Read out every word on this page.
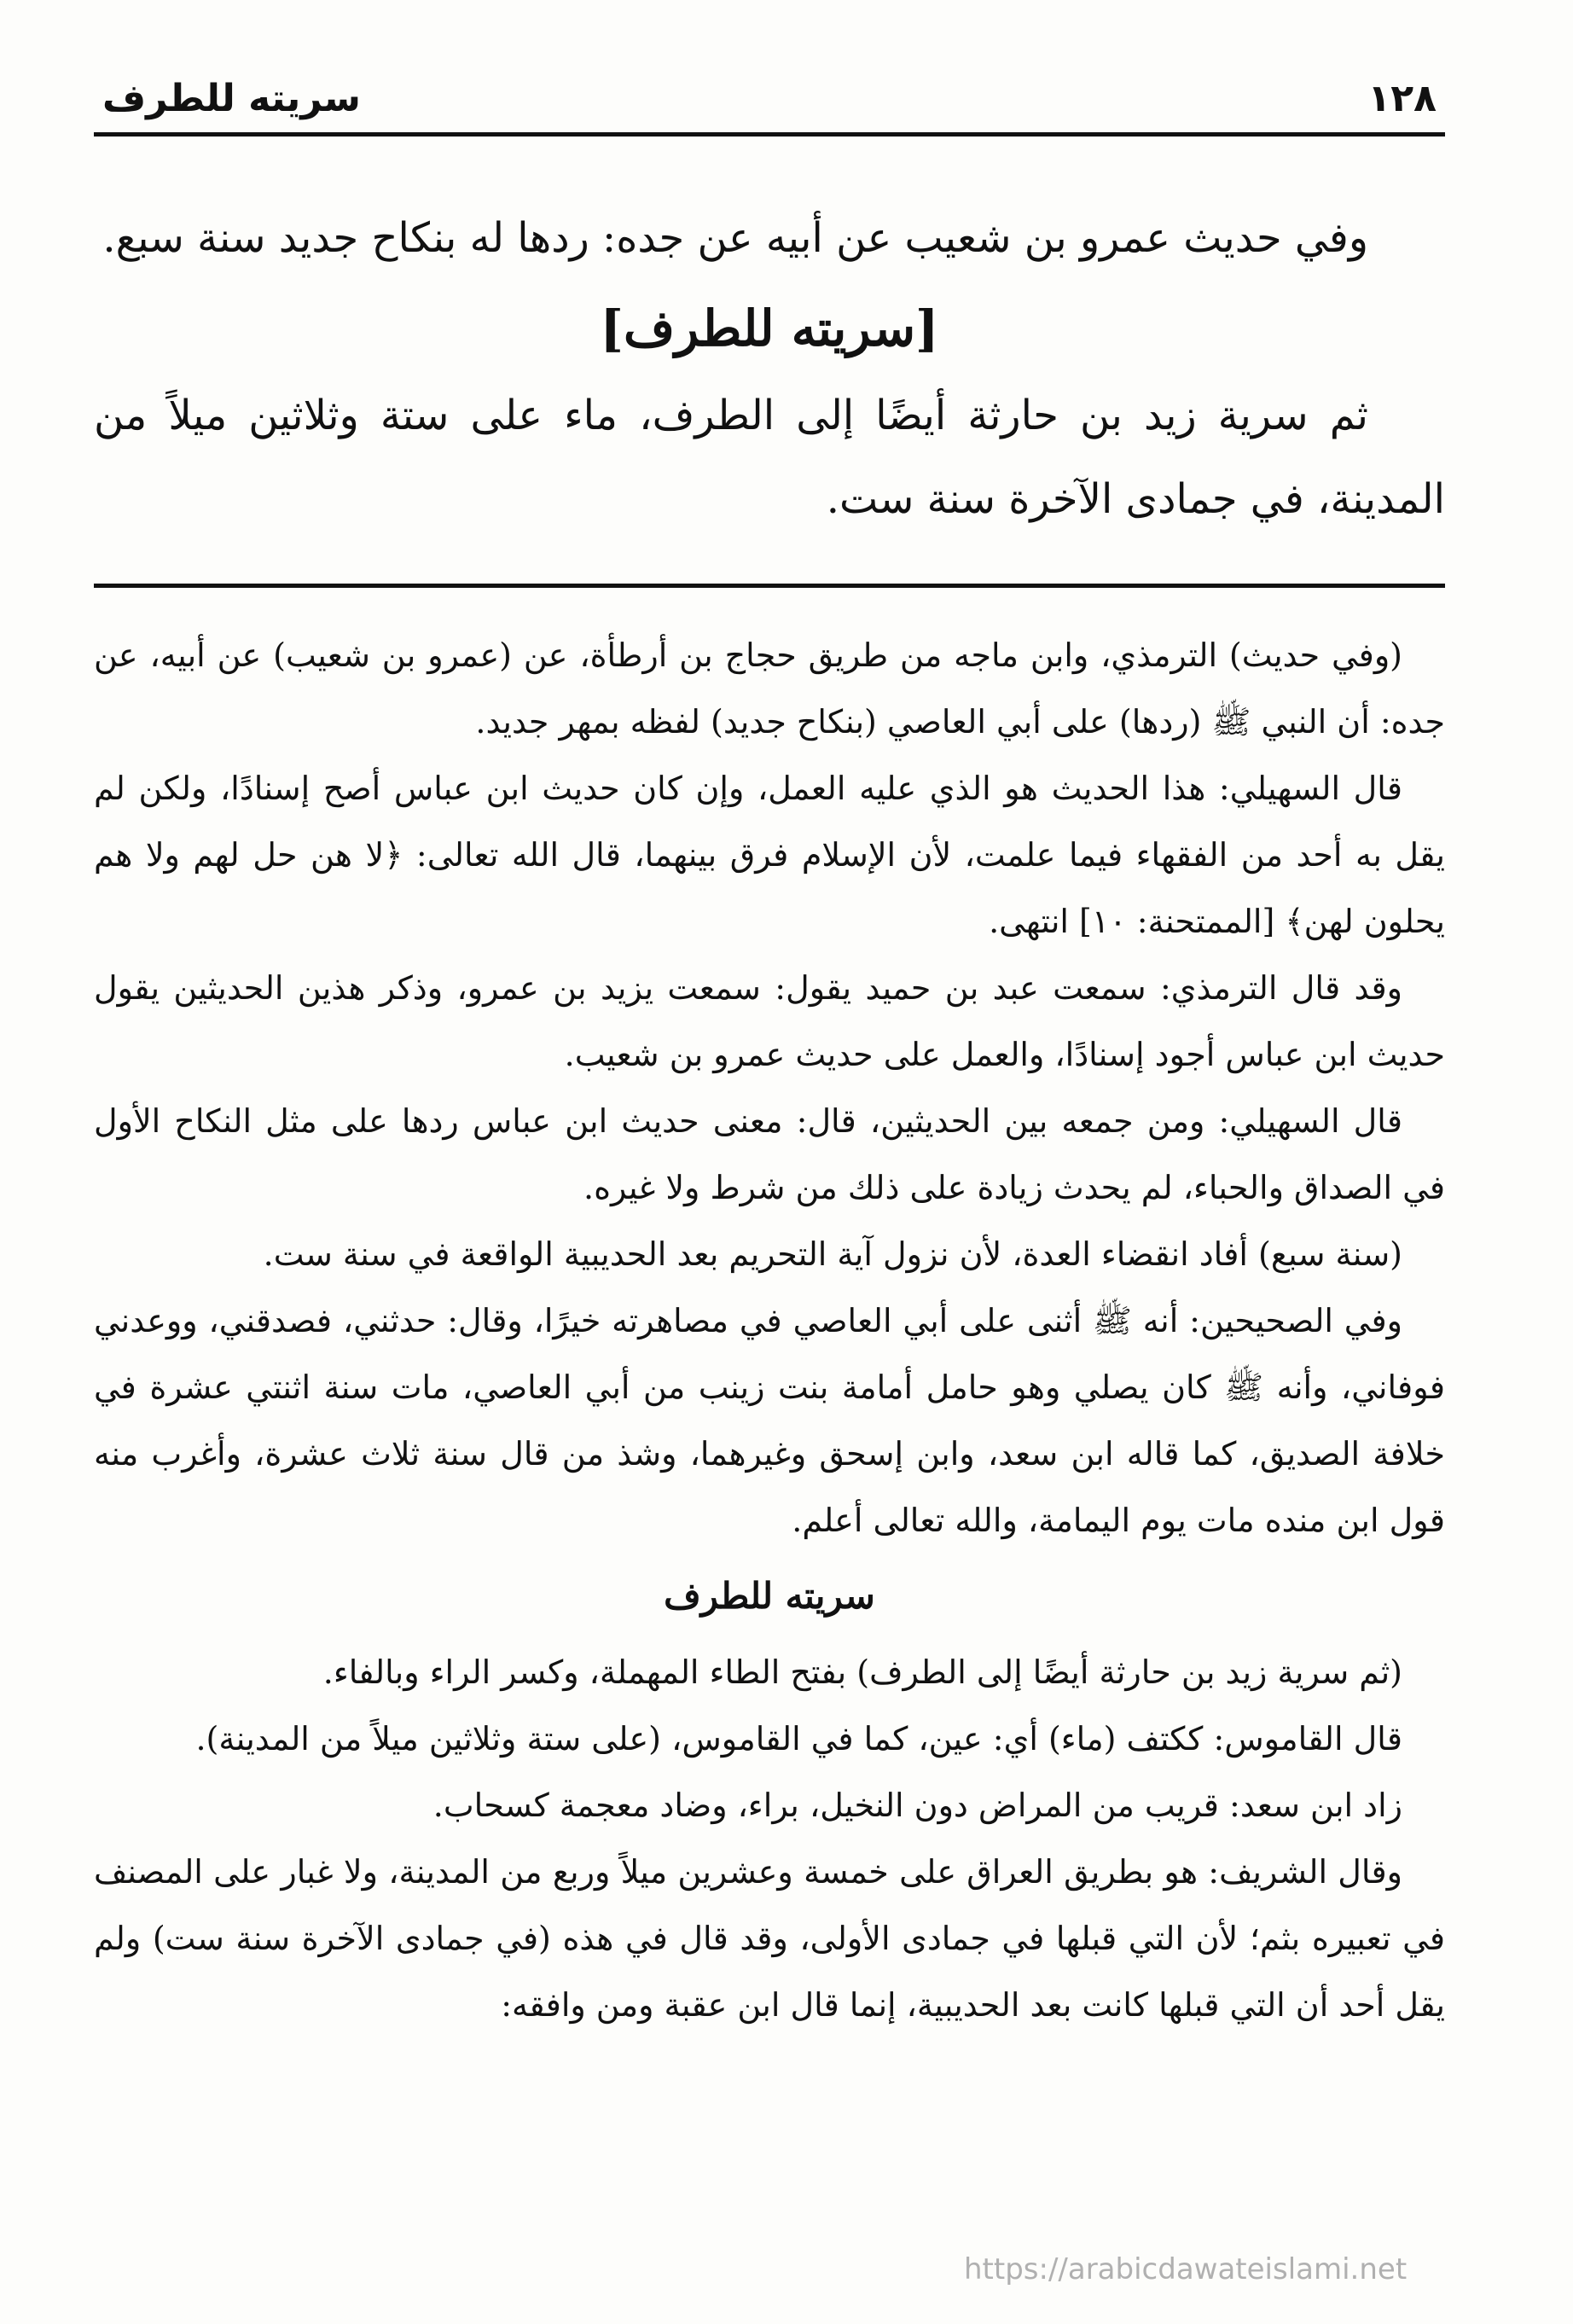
١٢٨
سريته للطرف

وفي حديث عمرو بن شعيب عن أبيه عن جده: ردها له بنكاح جديد سنة سبع.

[سريته للطرف]

ثم سرية زيد بن حارثة أيضًا إلى الطرف، ماء على ستة وثلاثين ميلاً من المدينة، في جمادى الآخرة سنة ست.

(وفي حديث) الترمذي، وابن ماجه من طريق حجاج بن أرطأة، عن (عمرو بن شعيب) عن أبيه، عن جده: أن النبي ﷺ (ردها) على أبي العاصي (بنكاح جديد) لفظه بمهر جديد.

قال السهيلي: هذا الحديث هو الذي عليه العمل، وإن كان حديث ابن عباس أصح إسنادًا، ولكن لم يقل به أحد من الفقهاء فيما علمت، لأن الإسلام فرق بينهما، قال الله تعالى: ﴿لا هن حل لهم ولا هم يحلون لهن﴾ [الممتحنة: ١٠] انتهى.

وقد قال الترمذي: سمعت عبد بن حميد يقول: سمعت يزيد بن عمرو، وذكر هذين الحديثين يقول حديث ابن عباس أجود إسنادًا، والعمل على حديث عمرو بن شعيب.

قال السهيلي: ومن جمعه بين الحديثين، قال: معنى حديث ابن عباس ردها على مثل النكاح الأول في الصداق والحباء، لم يحدث زيادة على ذلك من شرط ولا غيره.

(سنة سبع) أفاد انقضاء العدة، لأن نزول آية التحريم بعد الحديبية الواقعة في سنة ست.

وفي الصحيحين: أنه ﷺ أثنى على أبي العاصي في مصاهرته خيرًا، وقال: حدثني، فصدقني، ووعدني فوفاني، وأنه ﷺ كان يصلي وهو حامل أمامة بنت زينب من أبي العاصي، مات سنة اثنتي عشرة في خلافة الصديق، كما قاله ابن سعد، وابن إسحق وغيرهما، وشذ من قال سنة ثلاث عشرة، وأغرب منه قول ابن منده مات يوم اليمامة، والله تعالى أعلم.

سريته للطرف

(ثم سرية زيد بن حارثة أيضًا إلى الطرف) بفتح الطاء المهملة، وكسر الراء وبالفاء.

قال القاموس: ككتف (ماء) أي: عين، كما في القاموس، (على ستة وثلاثين ميلاً من المدينة).

زاد ابن سعد: قريب من المراض دون النخيل، براء، وضاد معجمة كسحاب.

وقال الشريف: هو بطريق العراق على خمسة وعشرين ميلاً وربع من المدينة، ولا غبار على المصنف في تعبيره بثم؛ لأن التي قبلها في جمادى الأولى، وقد قال في هذه (في جمادى الآخرة سنة ست) ولم يقل أحد أن التي قبلها كانت بعد الحديبية، إنما قال ابن عقبة ومن وافقه:

https://arabicdawateislami.net
